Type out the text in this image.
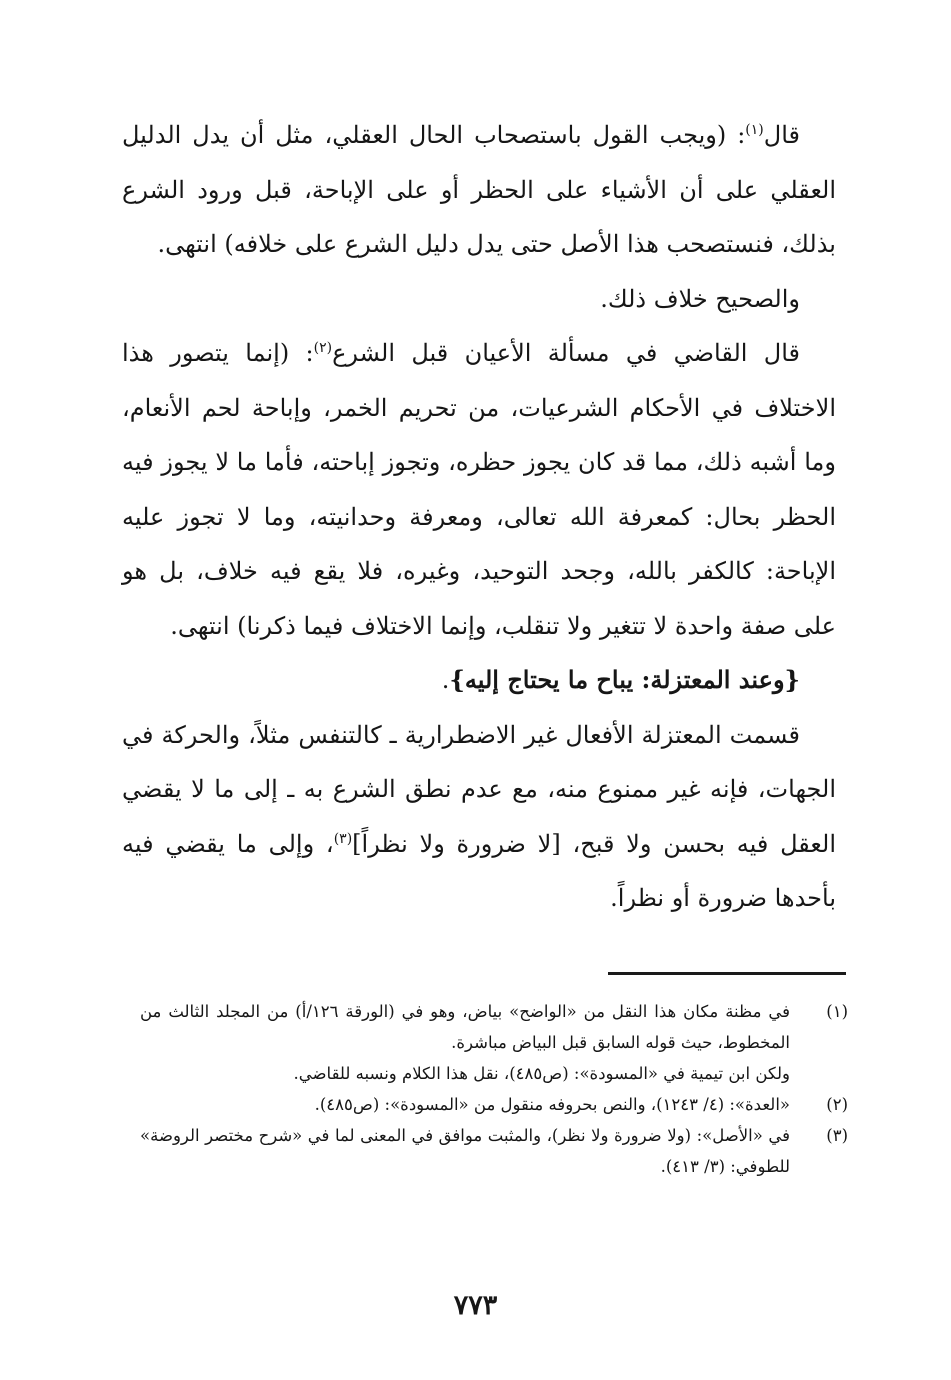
قال$^{(١)}$: (ويجب القول باستصحاب الحال العقلي، مثل أن يدل الدليل العقلي على أن الأشياء على الحظر أو على الإباحة، قبل ورود الشرع بذلك، فنستصحب هذا الأصل حتى يدل دليل الشرع على خلافه) انتهى.

والصحيح خلاف ذلك.

قال القاضي في مسألة الأعيان قبل الشرع$^{(٢)}$: (إنما يتصور هذا الاختلاف في الأحكام الشرعيات، من تحريم الخمر، وإباحة لحم الأنعام، وما أشبه ذلك، مما قد كان يجوز حظره، وتجوز إباحته، فأما ما لا يجوز فيه الحظر بحال: كمعرفة الله تعالى، ومعرفة وحدانيته، وما لا تجوز عليه الإباحة: كالكفر بالله، وجحد التوحيد، وغيره، فلا يقع فيه خلاف، بل هو على صفة واحدة لا تتغير ولا تنقلب، وإنما الاختلاف فيما ذكرنا) انتهى.

{وعند المعتزلة: يباح ما يحتاج إليه}.

قسمت المعتزلة الأفعال غير الاضطرارية ـ كالتنفس مثلاً، والحركة في الجهات، فإنه غير ممنوع منه، مع عدم نطق الشرع به ـ إلى ما لا يقضي العقل فيه بحسن ولا قبح، [لا ضرورة ولا نظراً]$^{(٣)}$، وإلى ما يقضي فيه بأحدها ضرورة أو نظراً.

(١)
في مظنة مكان هذا النقل من «الواضح» بياض، وهو في (الورقة ١٢٦/أ) من المجلد الثالث من المخطوط، حيث قوله السابق قبل البياض مباشرة.
ولكن ابن تيمية في «المسودة»: (ص٤٨٥)، نقل هذا الكلام ونسبه للقاضي.
(٢)
«العدة»: (٤/ ١٢٤٣)، والنص بحروفه منقول من «المسودة»: (ص٤٨٥).
(٣)
في «الأصل»: (ولا ضرورة ولا نظر)، والمثبت موافق في المعنى لما في «شرح مختصر الروضة» للطوفي: (٣/ ٤١٣).
٧٧٣
